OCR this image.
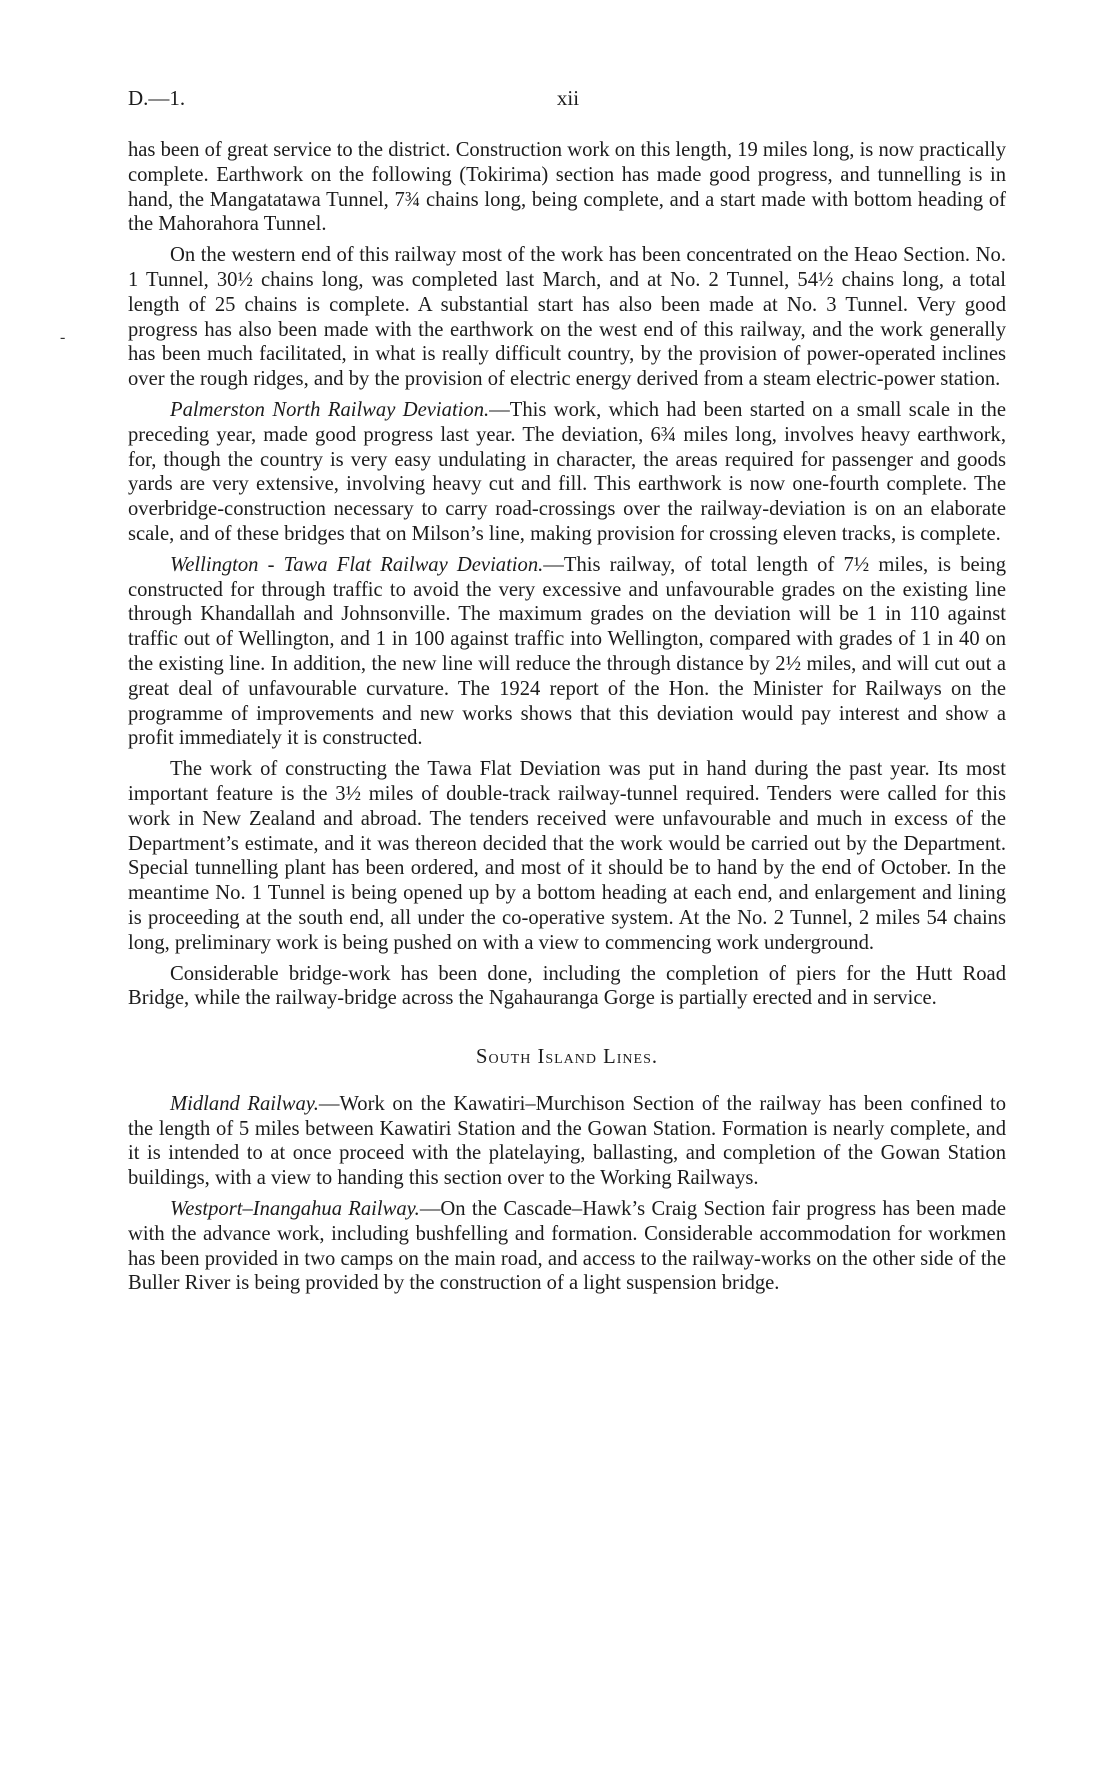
D.—1.	xii
-

has been of great service to the district. Construction work on this length, 19 miles long, is now practically complete. Earthwork on the following (Tokirima) section has made good progress, and tunnelling is in hand, the Mangatatawa Tunnel, 7¾ chains long, being complete, and a start made with bottom heading of the Mahorahora Tunnel.

On the western end of this railway most of the work has been concentrated on the Heao Section. No. 1 Tunnel, 30½ chains long, was completed last March, and at No. 2 Tunnel, 54½ chains long, a total length of 25 chains is complete. A substantial start has also been made at No. 3 Tunnel. Very good progress has also been made with the earthwork on the west end of this railway, and the work generally has been much facilitated, in what is really difficult country, by the provision of power-operated inclines over the rough ridges, and by the provision of electric energy derived from a steam electric-power station.

Palmerston North Railway Deviation.—This work, which had been started on a small scale in the preceding year, made good progress last year. The deviation, 6¾ miles long, involves heavy earthwork, for, though the country is very easy undulating in character, the areas required for passenger and goods yards are very extensive, involving heavy cut and fill. This earthwork is now one-fourth complete. The overbridge-construction necessary to carry road-crossings over the railway-deviation is on an elaborate scale, and of these bridges that on Milson’s line, making provision for crossing eleven tracks, is complete.

Wellington - Tawa Flat Railway Deviation.—This railway, of total length of 7½ miles, is being constructed for through traffic to avoid the very excessive and unfavourable grades on the existing line through Khandallah and Johnsonville. The maximum grades on the deviation will be 1 in 110 against traffic out of Wellington, and 1 in 100 against traffic into Wellington, compared with grades of 1 in 40 on the existing line. In addition, the new line will reduce the through distance by 2½ miles, and will cut out a great deal of unfavourable curvature. The 1924 report of the Hon. the Minister for Railways on the programme of improvements and new works shows that this deviation would pay interest and show a profit immediately it is constructed.

The work of constructing the Tawa Flat Deviation was put in hand during the past year. Its most important feature is the 3½ miles of double-track railway-tunnel required. Tenders were called for this work in New Zealand and abroad. The tenders received were unfavourable and much in excess of the Department’s estimate, and it was thereon decided that the work would be carried out by the Department. Special tunnelling plant has been ordered, and most of it should be to hand by the end of October. In the meantime No. 1 Tunnel is being opened up by a bottom heading at each end, and enlargement and lining is proceeding at the south end, all under the co-operative system. At the No. 2 Tunnel, 2 miles 54 chains long, preliminary work is being pushed on with a view to commencing work underground.

Considerable bridge-work has been done, including the completion of piers for the Hutt Road Bridge, while the railway-bridge across the Ngahauranga Gorge is partially erected and in service.

South Island Lines.

Midland Railway.—Work on the Kawatiri–Murchison Section of the railway has been confined to the length of 5 miles between Kawatiri Station and the Gowan Station. Formation is nearly complete, and it is intended to at once proceed with the platelaying, ballasting, and completion of the Gowan Station buildings, with a view to handing this section over to the Working Railways.

Westport–Inangahua Railway.—On the Cascade–Hawk’s Craig Section fair progress has been made with the advance work, including bushfelling and formation. Considerable accommodation for workmen has been provided in two camps on the main road, and access to the railway-works on the other side of the Buller River is being provided by the construction of a light suspension bridge.
